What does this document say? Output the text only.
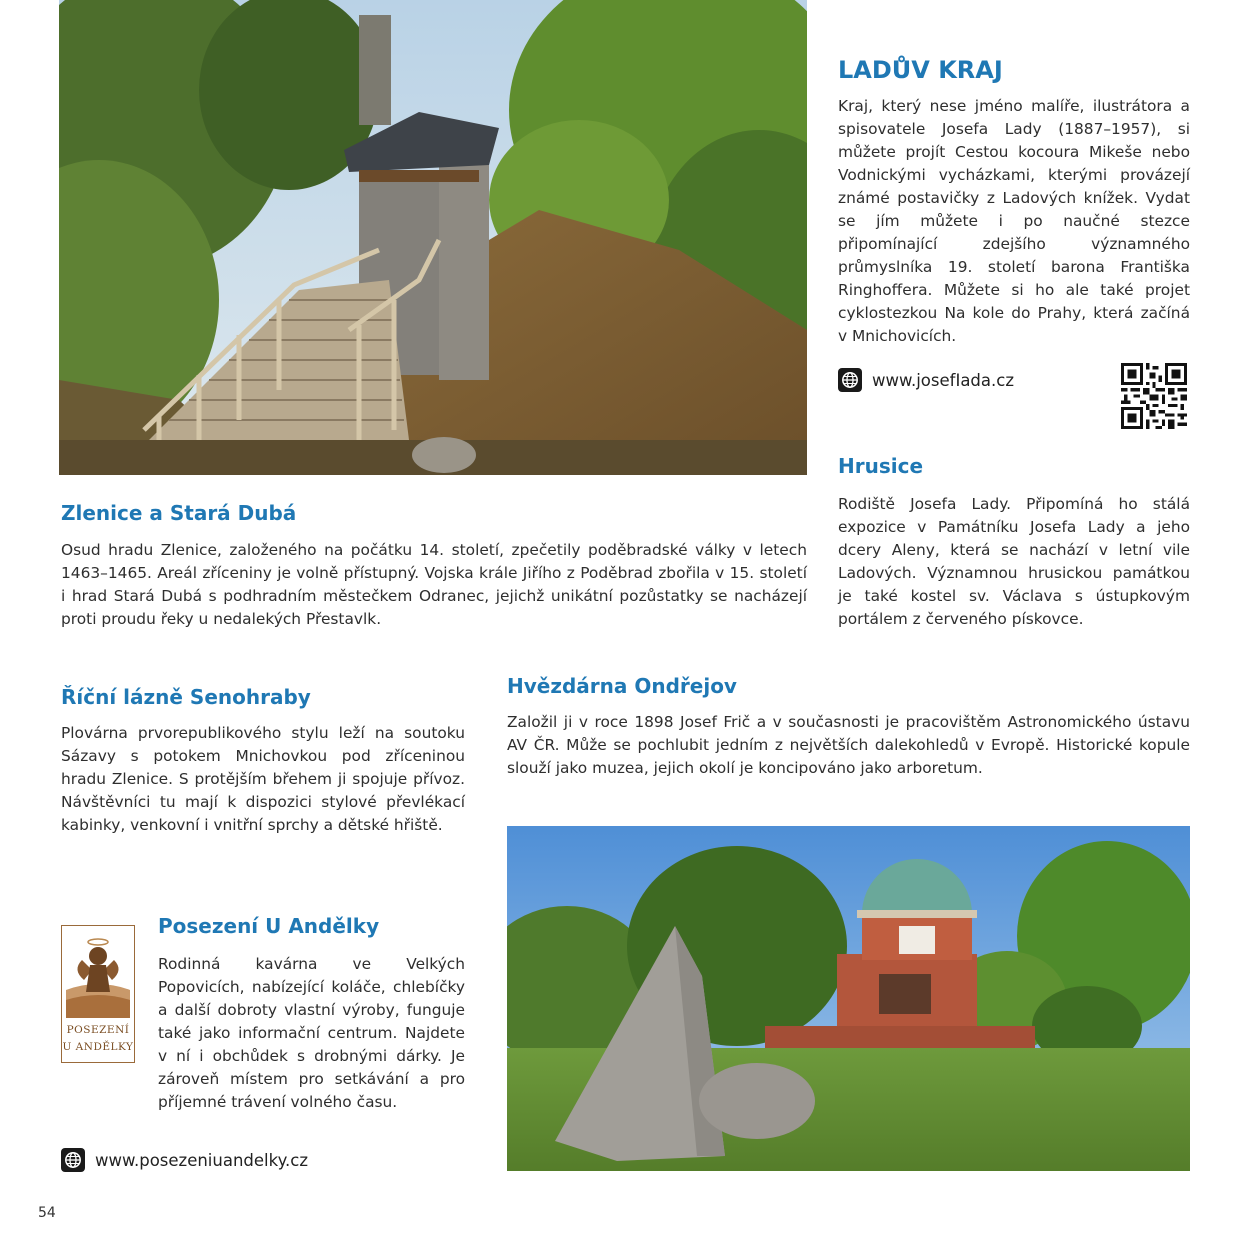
LADŮV KRAJ
Kraj, který nese jméno malíře, ilustrátora a spisovatele Josefa Lady (1887–1957), si můžete projít Cestou kocoura Mikeše nebo Vodnickými vycházkami, kterými provázejí známé postavičky z Ladových knížek. Vydat se jím můžete i po naučné stezce připomínající zdejšího významného průmyslníka 19. století barona Františka Ringhoffera. Můžete si ho ale také projet cyklostezkou Na kole do Prahy, která začíná v Mnichovicích.
www.josefIada.cz
Hrusice
Rodiště Josefa Lady. Připomíná ho stálá expozice v Památníku Josefa Lady a jeho dcery Aleny, která se nachází v letní vile Ladových. Významnou hrusickou památkou je také kostel sv. Václava s ústupkovým portálem z červeného pískovce.
Zlenice a Stará Dubá
Osud hradu Zlenice, založeného na počátku 14. století, zpečetily poděbradské války v letech 1463–1465. Areál zříceniny je volně přístupný. Vojska krále Jiřího z Poděbrad zbořila v 15. století i hrad Stará Dubá s podhradním městečkem Odranec, jejichž unikátní pozůstatky se nacházejí proti proudu řeky u nedalekých Přestavlk.
Říční lázně Senohraby
Plovárna prvorepublikového stylu leží na soutoku Sázavy s potokem Mnichovkou pod zříceninou hradu Zlenice. S protějším břehem ji spojuje přívoz. Návštěvníci tu mají k dispozici stylové převlékací kabinky, venkovní i vnitřní sprchy a dětské hřiště.
Hvězdárna Ondřejov
Založil ji v roce 1898 Josef Frič a v současnosti je pracovištěm Astronomického ústavu AV ČR. Může se pochlubit jedním z největších dalekohledů v Evropě. Historické kopule slouží jako muzea, jejich okolí je koncipováno jako arboretum.
POSEZENÍ
U ANDĚLKY
Posezení U Andělky
Rodinná kavárna ve Velkých Popovicích, nabízející koláče, chlebíčky a další dobroty vlastní výroby, funguje také jako informační centrum. Najdete v ní i obchůdek s drobnými dárky. Je zároveň místem pro setkávání a pro příjemné trávení volného času.
www.posezeniuandelky.cz
54
